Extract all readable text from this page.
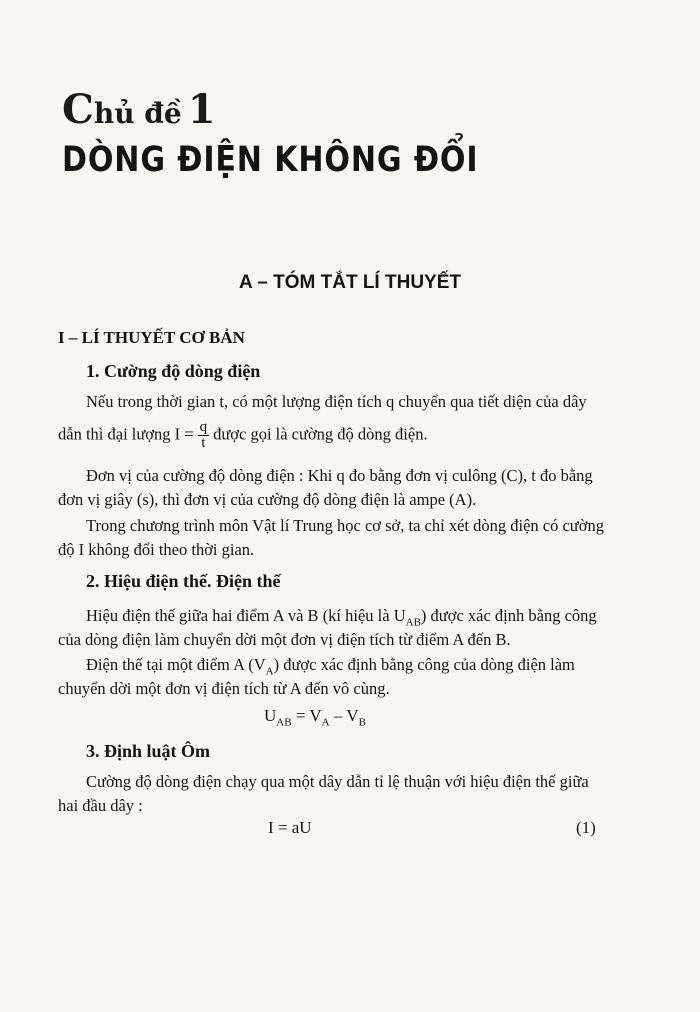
Chủ đề 1
DÒNG ĐIỆN KHÔNG ĐỔI
A – TÓM TẮT LÍ THUYẾT
I – LÍ THUYẾT CƠ BẢN
1. Cường độ dòng điện
Nếu trong thời gian t, có một lượng điện tích q chuyển qua tiết diện của dây
dẫn thì đại lượng $I = \frac{q}{t}$ được gọi là cường độ dòng điện.
Đơn vị của cường độ dòng điện : Khi q đo bằng đơn vị culông (C), t đo bằng
đơn vị giây (s), thì đơn vị của cường độ dòng điện là ampe (A).
Trong chương trình môn Vật lí Trung học cơ sở, ta chỉ xét dòng điện có cường
độ I không đổi theo thời gian.
2. Hiệu điện thế. Điện thế
Hiệu điện thế giữa hai điểm A và B (kí hiệu là $U_{AB}$) được xác định bằng công
của dòng điện làm chuyển dời một đơn vị điện tích từ điểm A đến B.
Điện thế tại một điểm A $(V_A)$ được xác định bằng công của dòng điện làm
chuyển dời một đơn vị điện tích từ A đến vô cùng.
$U_{AB} = V_A - V_B$
3. Định luật Ôm
Cường độ dòng điện chạy qua một dây dẫn tỉ lệ thuận với hiệu điện thế giữa
hai đầu dây :
I = aU	(1)
